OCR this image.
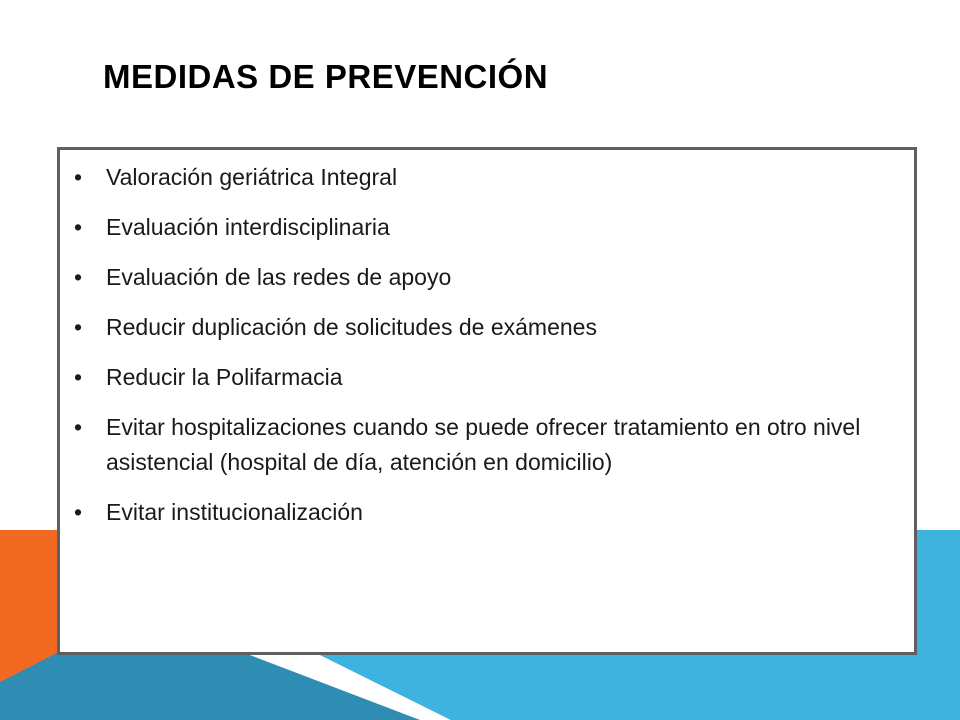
MEDIDAS DE PREVENCIÓN
•	Valoración geriátrica Integral
•	Evaluación interdisciplinaria
•	Evaluación de las redes de apoyo
•	Reducir duplicación de solicitudes de exámenes
•	Reducir la Polifarmacia
•	Evitar hospitalizaciones cuando se puede ofrecer tratamiento en otro nivel asistencial (hospital de día, atención en domicilio)
•	Evitar institucionalización
